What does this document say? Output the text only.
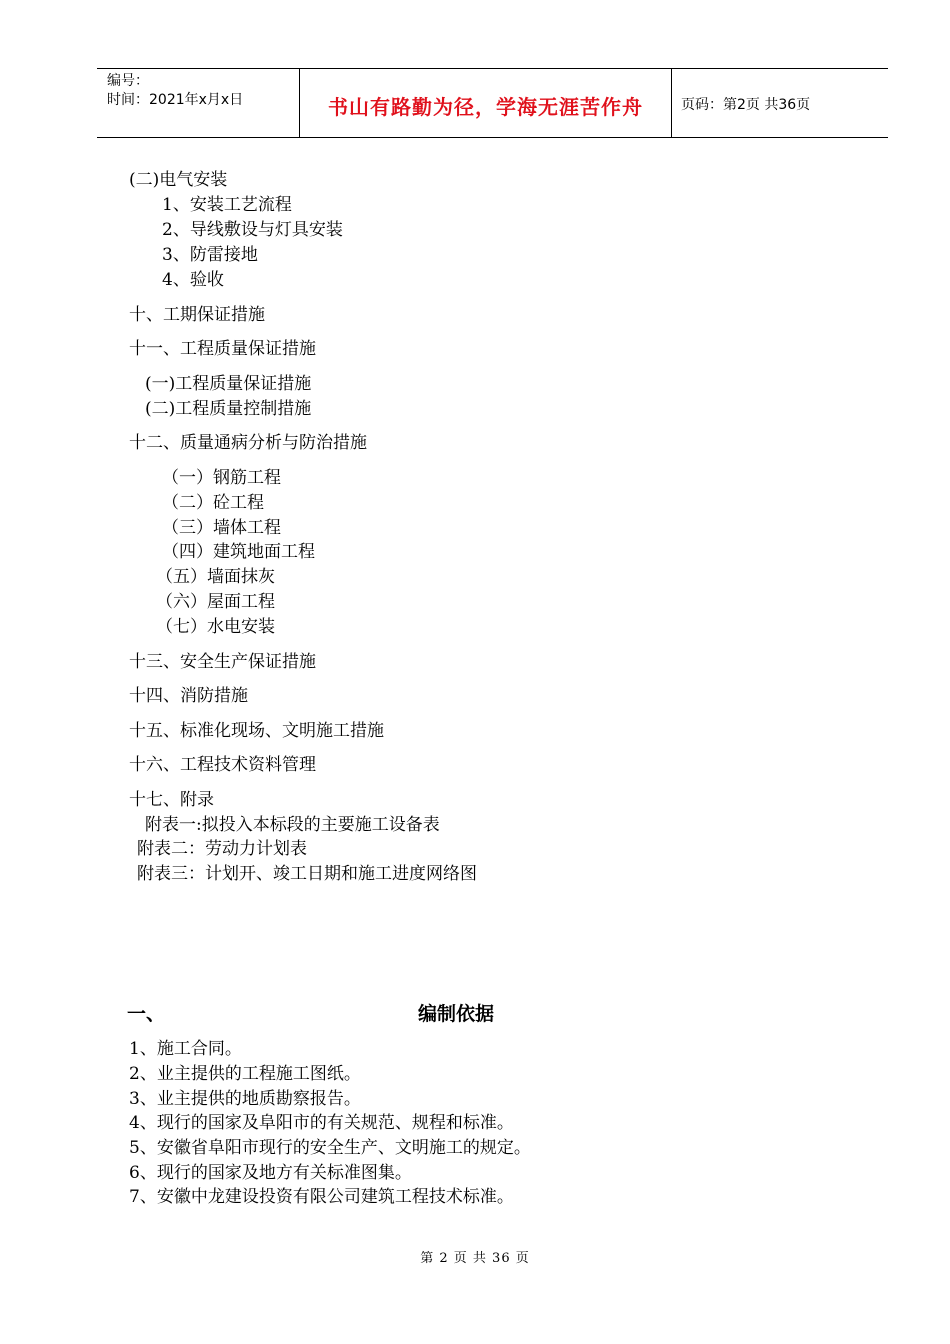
编号：
时间：2021年x月x日	书山有路勤为径，学海无涯苦作舟	页码：第2页 共36页
(二)电气安装
1、安装工艺流程
2、导线敷设与灯具安装
3、防雷接地
4、验收
十、工期保证措施
十一、工程质量保证措施
(一)工程质量保证措施
(二)工程质量控制措施
十二、质量通病分析与防治措施
（一）钢筋工程
（二）砼工程
（三）墙体工程
（四）建筑地面工程
（五）墙面抹灰
（六）屋面工程
（七）水电安装
十三、安全生产保证措施
十四、消防措施
十五、标准化现场、文明施工措施
十六、工程技术资料管理
十七、附录
附表一:拟投入本标段的主要施工设备表
附表二：劳动力计划表
附表三：计划开、竣工日期和施工进度网络图
一、	编制依据
1、施工合同。
2、业主提供的工程施工图纸。
3、业主提供的地质勘察报告。
4、现行的国家及阜阳市的有关规范、规程和标准。
5、安徽省阜阳市现行的安全生产、文明施工的规定。
6、现行的国家及地方有关标准图集。
7、安徽中龙建设投资有限公司建筑工程技术标准。
第 2 页 共 36 页
